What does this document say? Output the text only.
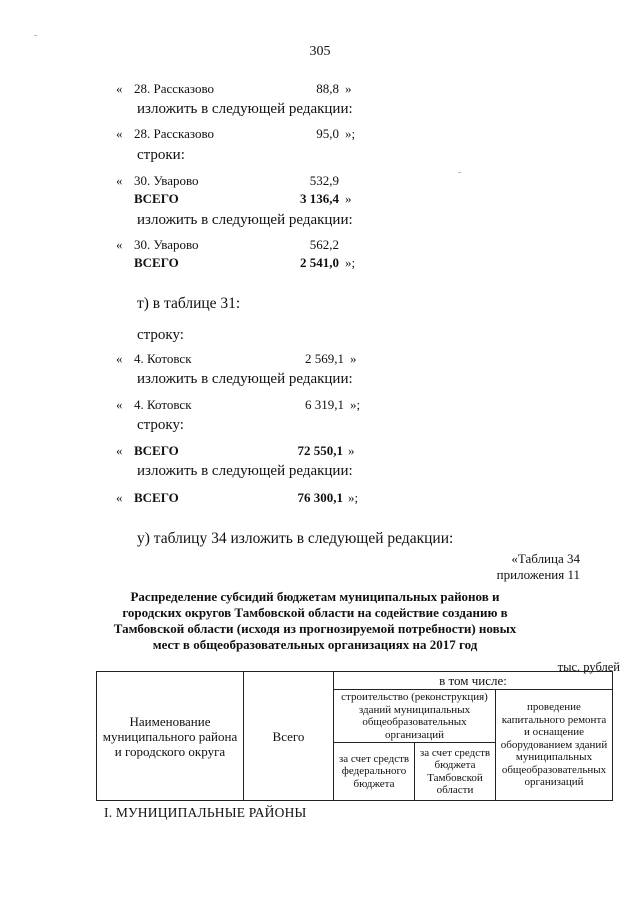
305
« 28. Рассказово	88,8 »
изложить в следующей редакции:
« 28. Рассказово	95,0 »;
строки:
« 30. Уварово	532,9
ВСЕГО	3 136,4 »
изложить в следующей редакции:
« 30. Уварово	562,2
ВСЕГО	2 541,0 »;
т) в таблице 31:
строку:
« 4. Котовск	2 569,1 »
изложить в следующей редакции:
« 4. Котовск	6 319,1 »;
строку:
« ВСЕГО	72 550,1 »
изложить в следующей редакции:
« ВСЕГО	76 300,1 »;
у) таблицу 34 изложить в следующей редакции:
«Таблица 34
приложения 11
Распределение субсидий бюджетам муниципальных районов и городских округов Тамбовской области на содействие созданию в Тамбовской области (исходя из прогнозируемой потребности) новых мест в общеобразовательных организациях на 2017 год
тыс. рублей
Наименование муниципального района и городского округа	Всего	в том числе:		
		строительство (реконструкция) зданий муниципальных общеобразовательных организаций		проведение капитального ремонта и оснащение оборудованием зданий муниципальных общеобразовательных организаций
		за счет средств федерального бюджета	за счет средств бюджета Тамбовской области	
I. МУНИЦИПАЛЬНЫЕ РАЙОНЫ
